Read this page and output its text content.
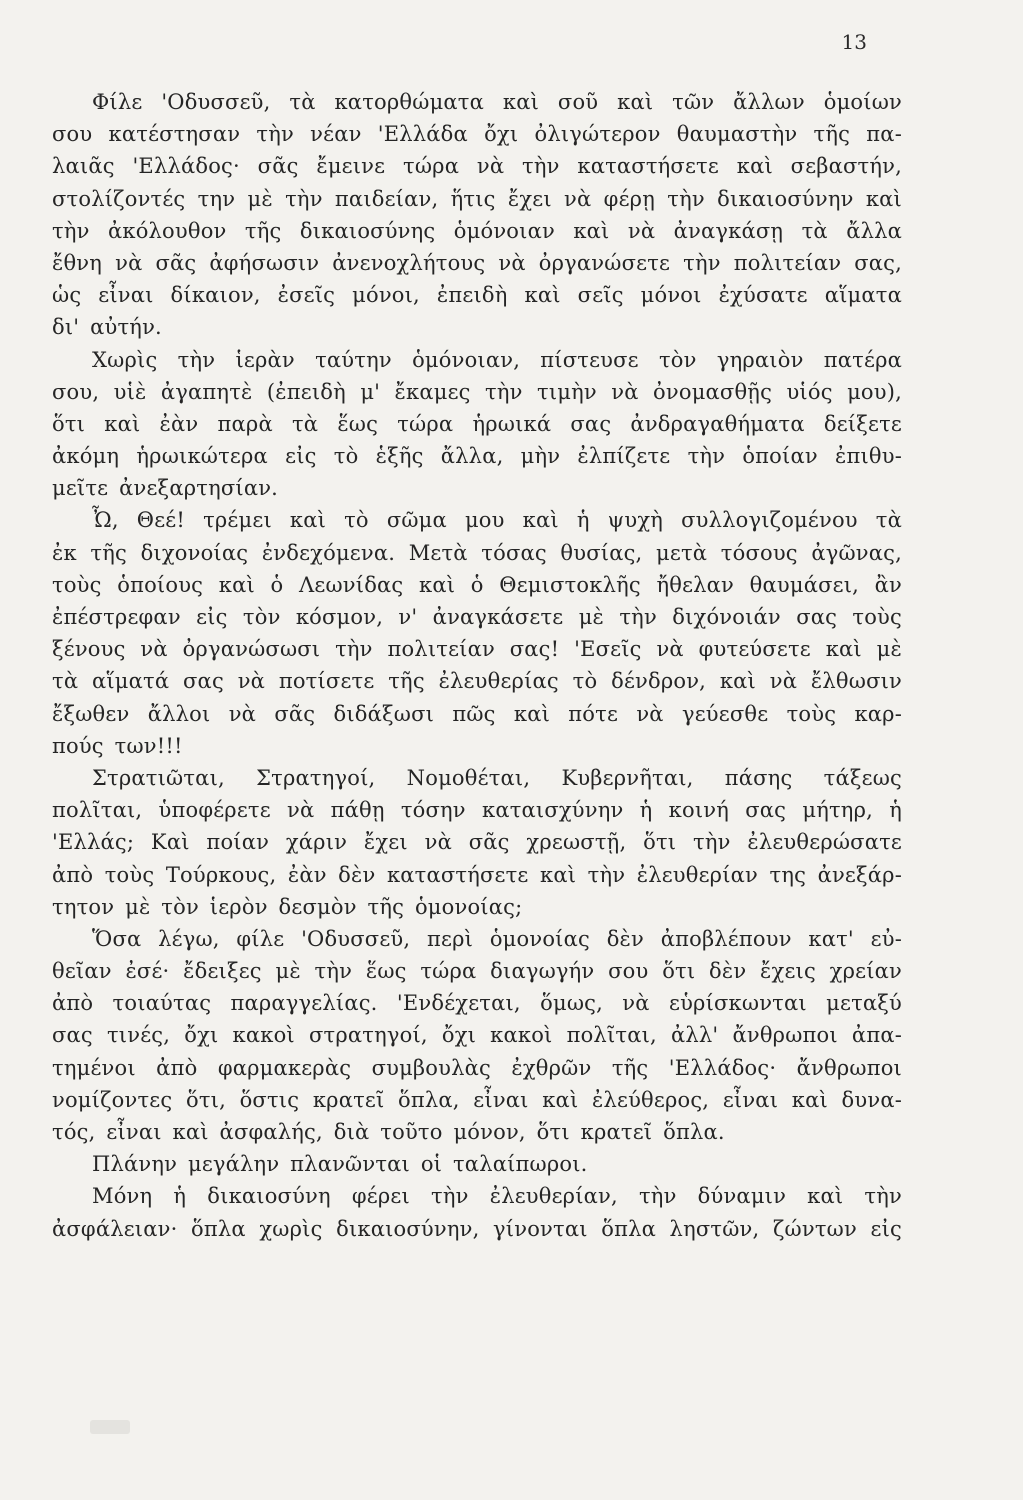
13
Φίλε 'Οδυσσεῦ, τὰ κατορθώματα καὶ σοῦ καὶ τῶν ἄλλων ὁμοίων
σου κατέστησαν τὴν νέαν 'Ελλάδα ὄχι ὀλιγώτερον θαυμαστὴν τῆς πα-
λαιᾶς 'Ελλάδος· σᾶς ἔμεινε τώρα νὰ τὴν καταστήσετε καὶ σεβαστήν,
στολίζοντές την μὲ τὴν παιδείαν, ἥτις ἔχει νὰ φέρῃ τὴν δικαιοσύνην καὶ
τὴν ἀκόλουθον τῆς δικαιοσύνης ὁμόνοιαν καὶ νὰ ἀναγκάσῃ τὰ ἄλλα
ἔθνη νὰ σᾶς ἀφήσωσιν ἀνενοχλήτους νὰ ὀργανώσετε τὴν πολιτείαν σας,
ὡς εἶναι δίκαιον, ἐσεῖς μόνοι, ἐπειδὴ καὶ σεῖς μόνοι ἐχύσατε αἵματα
δι' αὐτήν.
Χωρὶς τὴν ἱερὰν ταύτην ὁμόνοιαν, πίστευσε τὸν γηραιὸν πατέρα
σου, υἱὲ ἀγαπητὲ (ἐπειδὴ μ' ἔκαμες τὴν τιμὴν νὰ ὀνομασθῇς υἱός μου),
ὅτι καὶ ἐὰν παρὰ τὰ ἕως τώρα ἡρωικά σας ἀνδραγαθήματα δείξετε
ἀκόμη ἡρωικώτερα εἰς τὸ ἑξῆς ἄλλα, μὴν ἐλπίζετε τὴν ὁποίαν ἐπιθυ-
μεῖτε ἀνεξαρτησίαν.
Ὦ, Θεέ! τρέμει καὶ τὸ σῶμα μου καὶ ἡ ψυχὴ συλλογιζομένου τὰ
ἐκ τῆς διχονοίας ἐνδεχόμενα. Μετὰ τόσας θυσίας, μετὰ τόσους ἀγῶνας,
τοὺς ὁποίους καὶ ὁ Λεωνίδας καὶ ὁ Θεμιστοκλῆς ἤθελαν θαυμάσει, ἂν
ἐπέστρεφαν εἰς τὸν κόσμον, ν' ἀναγκάσετε μὲ τὴν διχόνοιάν σας τοὺς
ξένους νὰ ὀργανώσωσι τὴν πολιτείαν σας! 'Εσεῖς νὰ φυτεύσετε καὶ μὲ
τὰ αἵματά σας νὰ ποτίσετε τῆς ἐλευθερίας τὸ δένδρον, καὶ νὰ ἔλθωσιν
ἔξωθεν ἄλλοι νὰ σᾶς διδάξωσι πῶς καὶ πότε νὰ γεύεσθε τοὺς καρ-
πούς των!!!
Στρατιῶται, Στρατηγοί, Νομοθέται, Κυβερνῆται, πάσης τάξεως
πολῖται, ὑποφέρετε νὰ πάθῃ τόσην καταισχύνην ἡ κοινή σας μήτηρ, ἡ
'Ελλάς; Καὶ ποίαν χάριν ἔχει νὰ σᾶς χρεωστῇ, ὅτι τὴν ἐλευθερώσατε
ἀπὸ τοὺς Τούρκους, ἐὰν δὲν καταστήσετε καὶ τὴν ἐλευθερίαν της ἀνεξάρ-
τητον μὲ τὸν ἱερὸν δεσμὸν τῆς ὁμονοίας;
Ὅσα λέγω, φίλε 'Οδυσσεῦ, περὶ ὁμονοίας δὲν ἀποβλέπουν κατ' εὐ-
θεῖαν ἐσέ· ἔδειξες μὲ τὴν ἕως τώρα διαγωγήν σου ὅτι δὲν ἔχεις χρείαν
ἀπὸ τοιαύτας παραγγελίας. 'Ενδέχεται, ὅμως, νὰ εὑρίσκωνται μεταξύ
σας τινές, ὄχι κακοὶ στρατηγοί, ὄχι κακοὶ πολῖται, ἀλλ' ἄνθρωποι ἀπα-
τημένοι ἀπὸ φαρμακερὰς συμβουλὰς ἐχθρῶν τῆς 'Ελλάδος· ἄνθρωποι
νομίζοντες ὅτι, ὅστις κρατεῖ ὅπλα, εἶναι καὶ ἐλεύθερος, εἶναι καὶ δυνα-
τός, εἶναι καὶ ἀσφαλής, διὰ τοῦτο μόνον, ὅτι κρατεῖ ὅπλα.
Πλάνην μεγάλην πλανῶνται οἱ ταλαίπωροι.
Μόνη ἡ δικαιοσύνη φέρει τὴν ἐλευθερίαν, τὴν δύναμιν καὶ τὴν
ἀσφάλειαν· ὅπλα χωρὶς δικαιοσύνην, γίνονται ὅπλα ληστῶν, ζώντων εἰς
